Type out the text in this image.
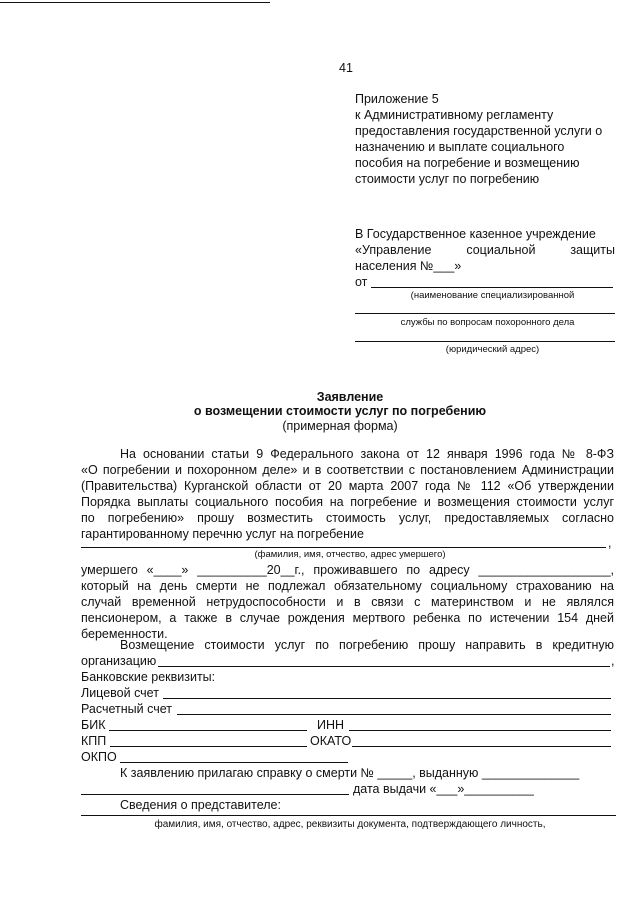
41
Приложение 5
к Административному регламенту
предоставления государственной услуги о
назначению и выплате социального
пособия на погребение и возмещению
стоимости услуг по погребению
В Государственное казенное учреждение
«Управление	социальной	защиты
населения №___»
от
(наименование специализированной
службы по вопросам похоронного дела
(юридический адрес)
Заявление
о возмещении стоимости услуг по погребению
(примерная форма)
На основании статьи 9 Федерального закона от 12 января 1996 года № 8-ФЗ
«О погребении и похоронном деле» и в соответствии с постановлением Администрации
(Правительства) Курганской области от 20 марта 2007 года № 112 «Об утверждении
Порядка выплаты социального пособия на погребение и возмещения стоимости услуг
по погребению» прошу возместить стоимость услуг, предоставляемых согласно
гарантированному перечню услуг на погребение
,
(фамилия, имя, отчество, адрес умершего)
умершего «____» __________20__г., проживавшего по адресу ___________________,
который на день смерти не подлежал обязательному социальному страхованию на
случай временной нетрудоспособности и в связи с материнством и не являлся
пенсионером, а также в случае рождения мертвого ребенка по истечении 154 дней
беременности.
Возмещение стоимости услуг по погребению прошу направить в кредитную
организацию	,
Банковские реквизиты:
Лицевой счет
Расчетный счет
БИК	ИНН
КПП	ОКАТО
ОКПО
К заявлению прилагаю справку о смерти № _____, выданную ______________
дата выдачи «___»__________
Сведения о представителе:
фамилия, имя, отчество, адрес, реквизиты документа, подтверждающего личность,
